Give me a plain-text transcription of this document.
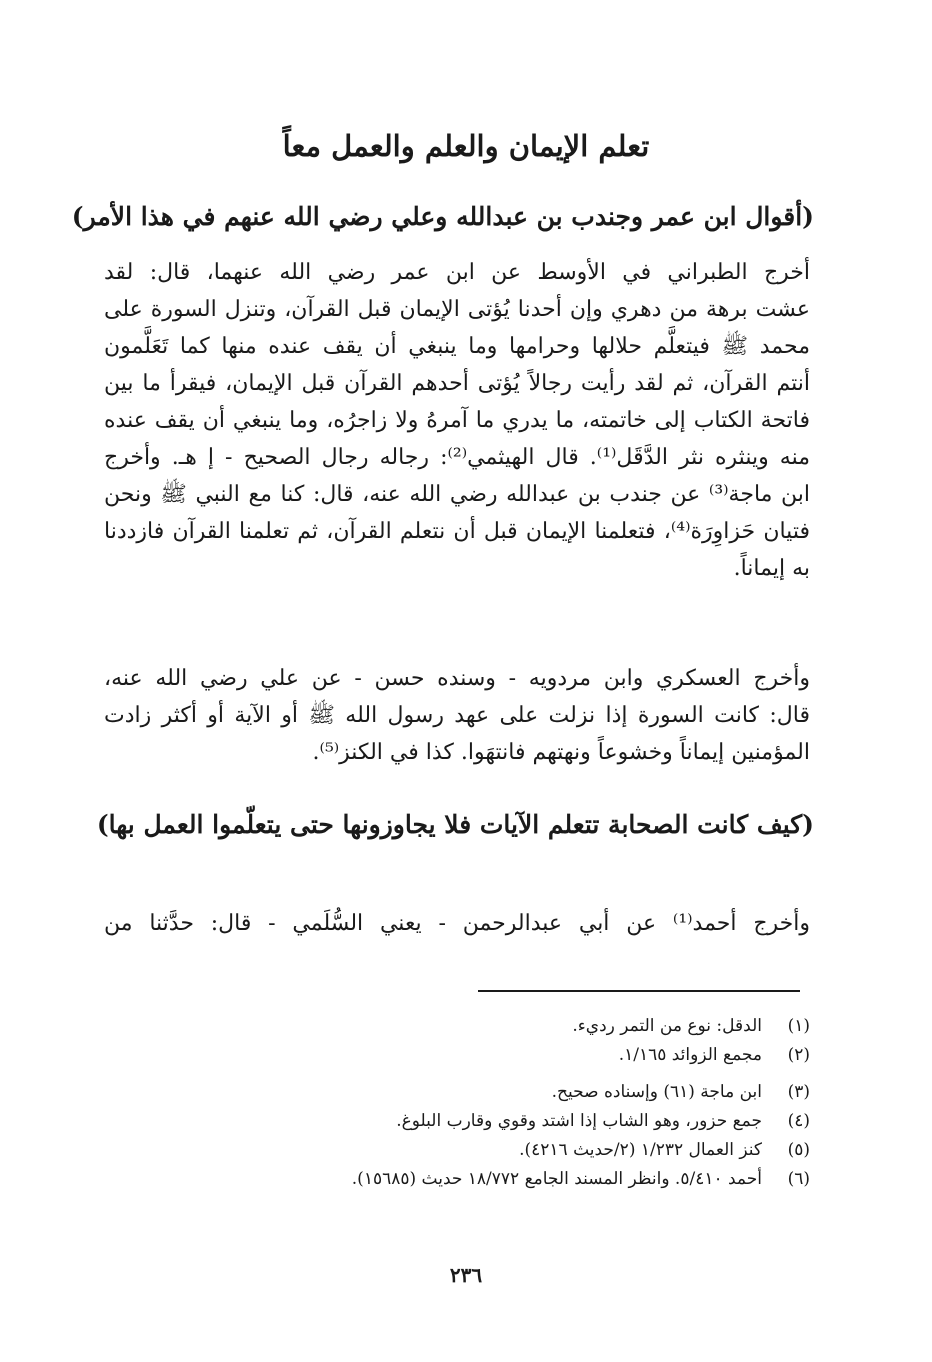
تعلم الإيمان والعلم والعمل معاً
(أقوال ابن عمر وجندب بن عبدالله وعلي رضي الله عنهم في هذا الأمر)
أخرج الطبراني في الأوسط عن ابن عمر رضي الله عنهما، قال: لقد
عشت برهة من دهري وإن أحدنا يُؤتى الإيمان قبل القرآن، وتنزل السورة على
محمد ﷺ فيتعلَّم حلالها وحرامها وما ينبغي أن يقف عنده منها كما تَعَلَّمون
أنتم القرآن، ثم لقد رأيت رجالاً يُؤتى أحدهم القرآن قبل الإيمان، فيقرأ ما بين
فاتحة الكتاب إلى خاتمته، ما يدري ما آمرهُ ولا زاجرُه، وما ينبغي أن يقف عنده
منه وينثره نثر الدَّقَل⁽¹⁾. قال الهيثمي⁽²⁾: رجاله رجال الصحيح - إ هـ. وأخرج
ابن ماجة⁽³⁾ عن جندب بن عبدالله رضي الله عنه، قال: كنا مع النبي ﷺ ونحن
فتيان حَزاوِرَة⁽⁴⁾، فتعلمنا الإيمان قبل أن نتعلم القرآن، ثم تعلمنا القرآن فازددنا
به إيماناً.
وأخرج العسكري وابن مردويه - وسنده حسن - عن علي رضي الله عنه،
قال: كانت السورة إذا نزلت على عهد رسول الله ﷺ أو الآية أو أكثر زادت
المؤمنين إيماناً وخشوعاً ونهتهم فانتهَوا. كذا في الكنز⁽⁵⁾.
(كيف كانت الصحابة تتعلم الآيات فلا يجاوزونها حتى يتعلّموا العمل بها)
وأخرج أحمد⁽¹⁾ عن أبي عبدالرحمن - يعني السُّلَمي - قال: حدَّثنا من
(١)
الدقل: نوع من التمر رديء.
(٢)
مجمع الزوائد ١/١٦٥.
(٣)
ابن ماجة (٦١) وإسناده صحيح.
(٤)
جمع حزور، وهو الشاب إذا اشتد وقوي وقارب البلوغ.
(٥)
كنز العمال ١/٢٣٢ (٢/حديث ٤٢١٦).
(٦)
أحمد ٥/٤١٠. وانظر المسند الجامع ١٨/٧٧٢ حديث (١٥٦٨٥).
٢٣٦
